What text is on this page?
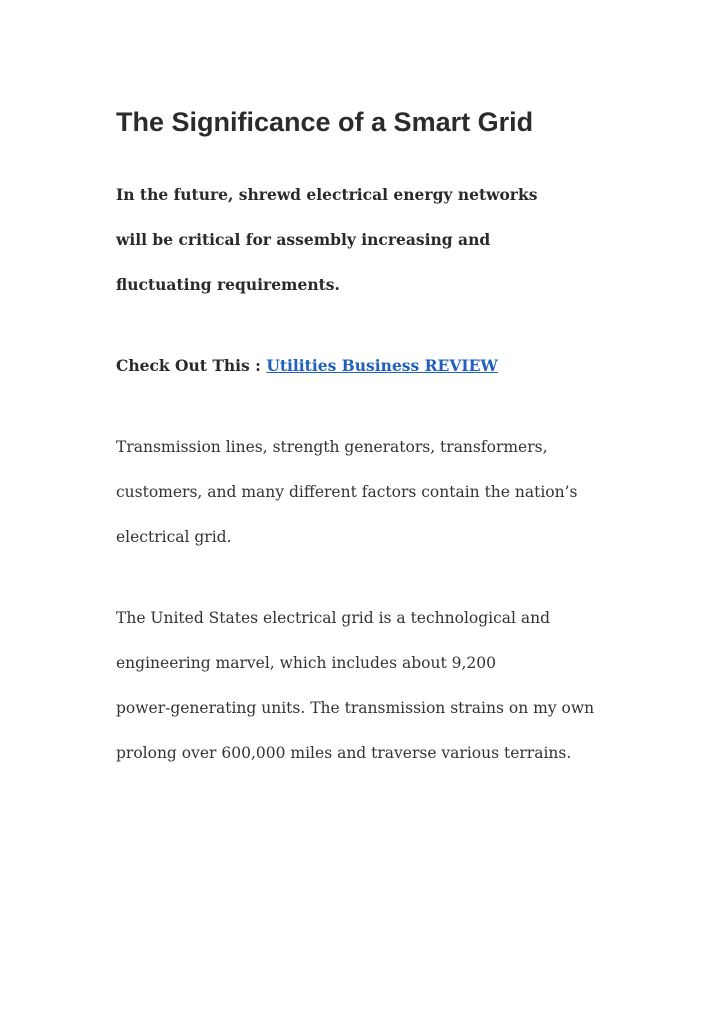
The Significance of a Smart Grid

In the future, shrewd electrical energy networks

will be critical for assembly increasing and

fluctuating requirements.

Check Out This : Utilities Business REVIEW

Transmission lines, strength generators, transformers,

customers, and many different factors contain the nation’s

electrical grid.

The United States electrical grid is a technological and

engineering marvel, which includes about 9,200

power-generating units. The transmission strains on my own

prolong over 600,000 miles and traverse various terrains.
